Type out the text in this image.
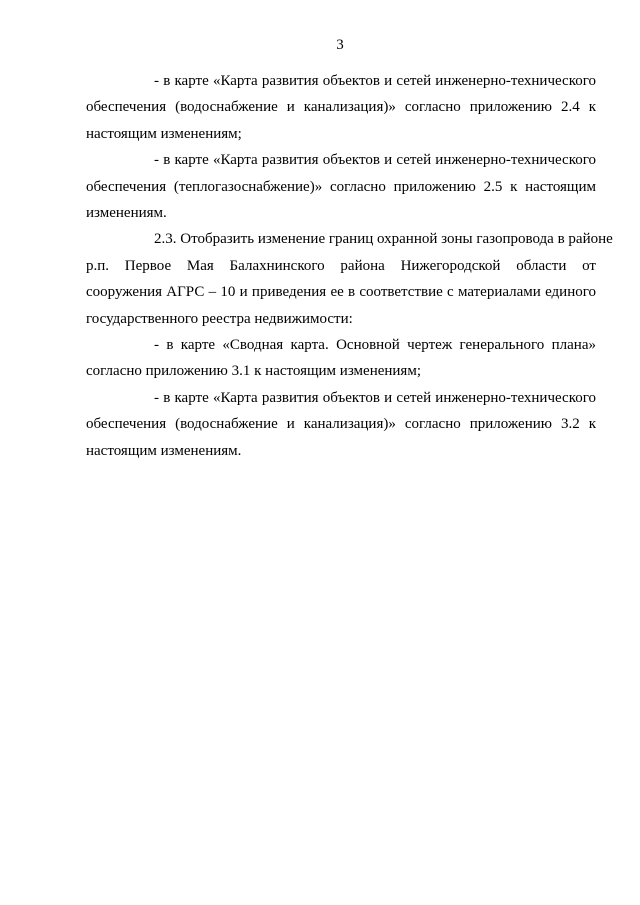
3

- в карте «Карта развития объектов и сетей инженерно-технического
обеспечения (водоснабжение и канализация)» согласно приложению 2.4 к
настоящим изменениям;

- в карте «Карта развития объектов и сетей инженерно-технического
обеспечения (теплогазоснабжение)» согласно приложению 2.5 к настоящим
изменениям.

2.3. Отобразить изменение границ охранной зоны газопровода в районе
р.п. Первое Мая Балахнинского района Нижегородской области от
сооружения АГРС – 10 и приведения ее в соответствие с материалами единого
государственного реестра недвижимости:

- в карте «Сводная карта. Основной чертеж генерального плана»
согласно приложению 3.1 к настоящим изменениям;

- в карте «Карта развития объектов и сетей инженерно-технического
обеспечения (водоснабжение и канализация)» согласно приложению 3.2 к
настоящим изменениям.
